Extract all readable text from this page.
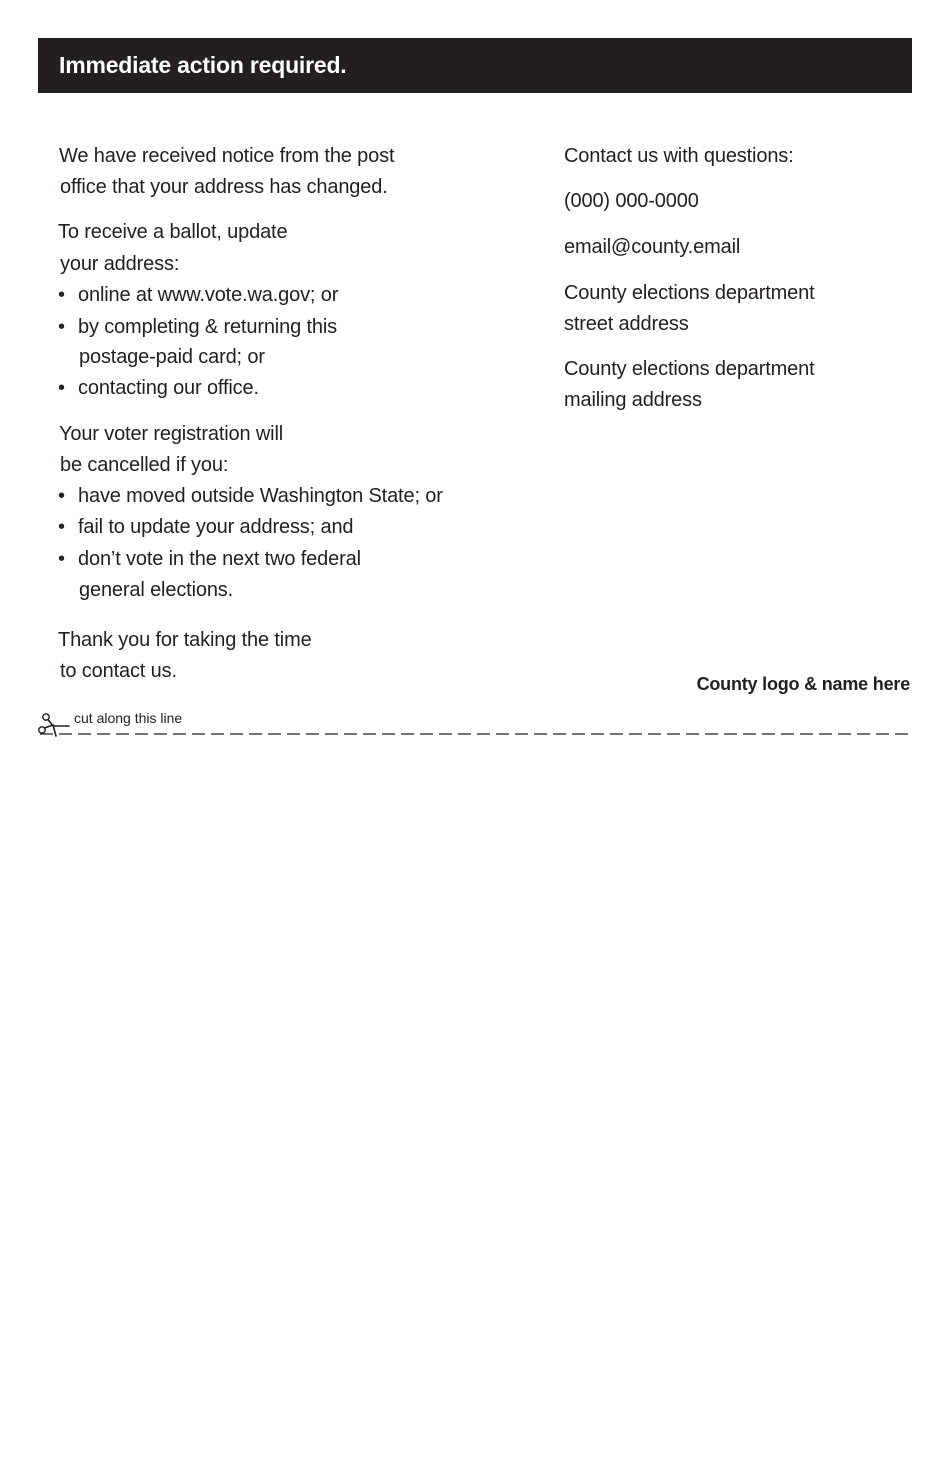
Immediate action required.
We have received notice from the post
office that your address has changed.
To receive a ballot, update
your address:
• online at www.vote.wa.gov; or
• by completing & returning this
postage-paid card; or
• contacting our office.
Your voter registration will
be cancelled if you:
• have moved outside Washington State; or
• fail to update your address; and
• don’t vote in the next two federal
general elections.
Thank you for taking the time
to contact us.
Contact us with questions:
(000) 000-0000
email@county.email
County elections department
street address
County elections department
mailing address
County logo & name here
cut along this line
